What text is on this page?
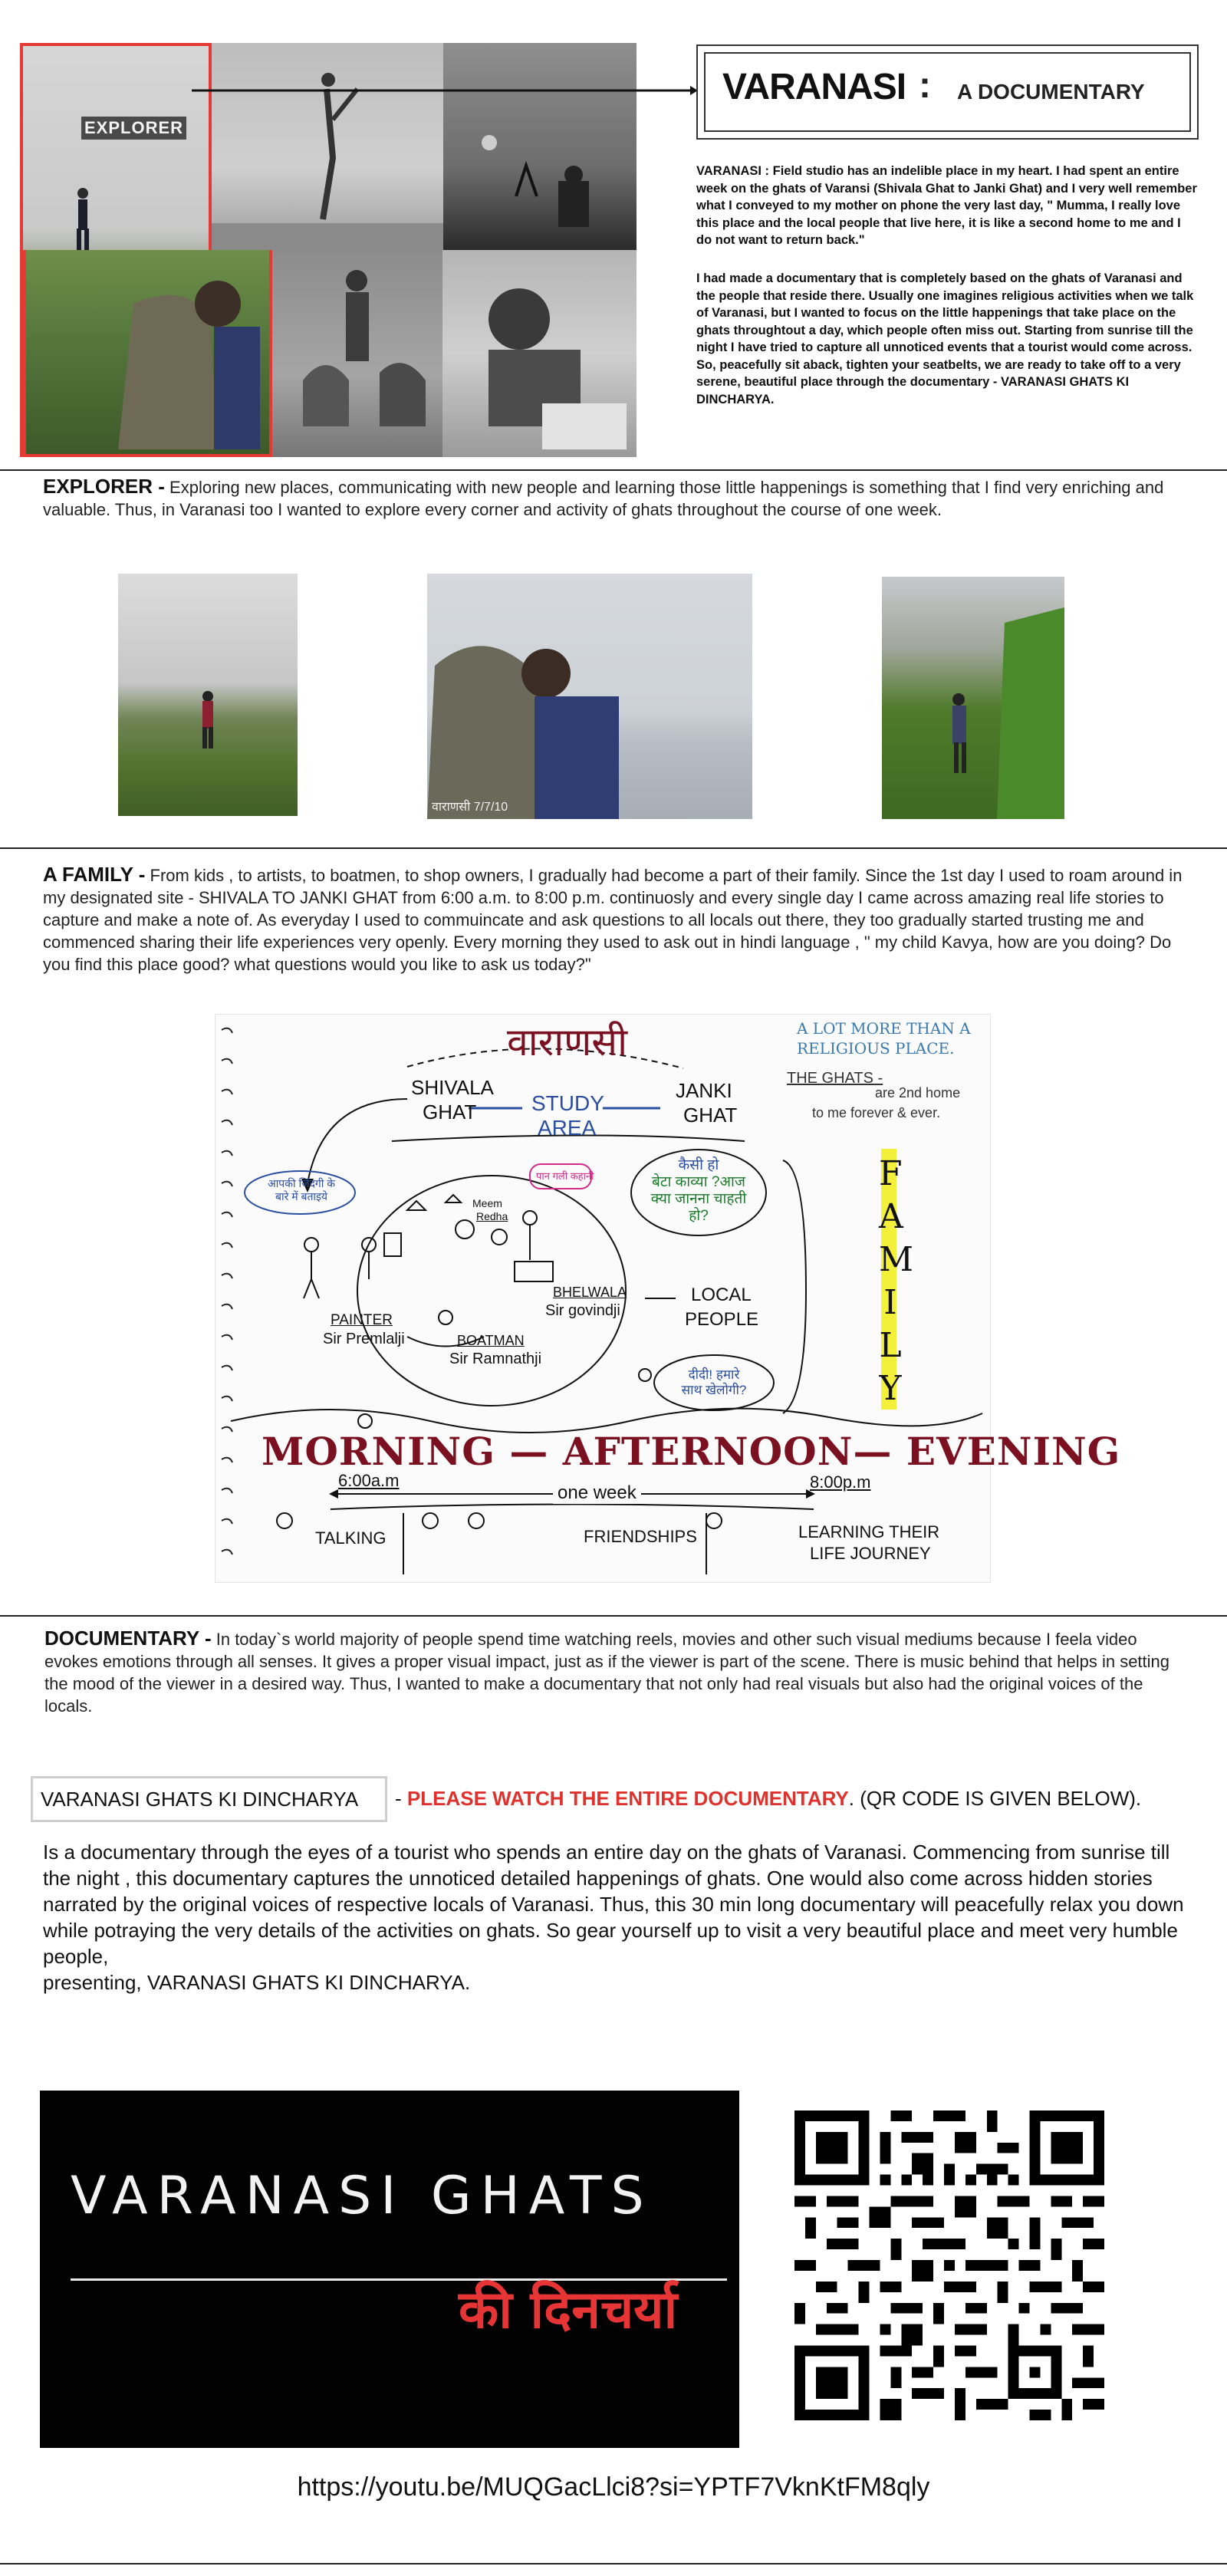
EXPLORER
VARANASI : A DOCUMENTARY
VARANASI : Field studio has an indelible place in my heart. I had spent an entire week on the ghats of Varansi (Shivala Ghat to Janki Ghat) and I very well remember what I conveyed to my mother on phone the very last day, " Mumma, I really love this place and the local people that live here, it is like a second home to me and I do not want to return back."
I had made a documentary that is completely based on the ghats of Varanasi and the people that reside there. Usually one imagines religious activities when we talk of Varanasi, but I wanted to focus on the little happenings that take place on the ghats throughtout a day, which people often miss out. Starting from sunrise till the night I have tried to capture all unnoticed events that a tourist would come across. So, peacefully sit aback, tighten your seatbelts, we are ready to take off to a very serene, beautiful place through the documentary - VARANASI GHATS KI DINCHARYA.
EXPLORER - Exploring new places, communicating with new people and learning those little happenings is something that I find very enriching and valuable. Thus, in Varanasi too I wanted to explore every corner and activity of ghats throughout the course of one week.
वाराणसी 7/7/10
A FAMILY - From kids , to artists, to boatmen, to shop owners, I gradually had become a part of their family. Since the 1st day I used to roam around in my designated site - SHIVALA TO JANKI GHAT from 6:00 a.m. to 8:00 p.m. continuosly and every single day I came across amazing real life stories to capture and make a note of. As everyday I used to commuincate and ask questions to all locals out there, they too gradually started trusting me and commenced sharing their life experiences very openly. Every morning they used to ask out in hindi language , " my child Kavya, how are you doing? Do you find this place good? what questions would you like to ask us today?"
वाराणसी
SHIVALA
GHAT	STUDY
AREA
JANKI
GHAT
A LOT MORE THAN A
RELIGIOUS PLACE.
THE GHATS -
are 2nd home
to me forever & ever.
आपकी जिंदगी के
बारे में बताइये
कैसी हो
बेटा काव्या ?आज
क्या जानना चाहती
हो?
दीदी! हमारे
साथ खेलोगी?
पान गली कहानी
Meem
Redha
PAINTER
Sir Premlalji	BOATMAN
Sir Ramnathji
BHELWALA
Sir govindji
LOCAL
PEOPLE
FAMILY
MORNING — AFTERNOON— EVENING
6:00a.m
one week
8:00p.m
TALKING	FRIENDSHIPS	LEARNING THEIR
LIFE JOURNEY
DOCUMENTARY - In today`s world majority of people spend time watching reels, movies and other such visual mediums because I feela video evokes emotions through all senses. It gives a proper visual impact, just as if the viewer is part of the scene. There is music behind that helps in setting the mood of the viewer in a desired way. Thus, I wanted to make a documentary that not only had real visuals but also had the original voices of the locals.
VARANASI GHATS KI DINCHARYA	- PLEASE WATCH THE ENTIRE DOCUMENTARY. (QR CODE IS GIVEN BELOW).
Is a documentary through the eyes of a tourist who spends an entire day on the ghats of Varanasi. Commencing from sunrise till the night , this documentary captures the unnoticed detailed happenings of ghats. One would also come across hidden stories narrated by the original voices of respective locals of Varanasi. Thus, this 30 min long documentary will peacefully relax you down while potraying the very details of the activities on ghats. So gear yourself up to visit a very beautiful place and meet very humble people,
presenting, VARANASI GHATS KI DINCHARYA.
VARANASI GHATS
की दिनचर्या
https://youtu.be/MUQGacLlci8?si=YPTF7VknKtFM8qly
